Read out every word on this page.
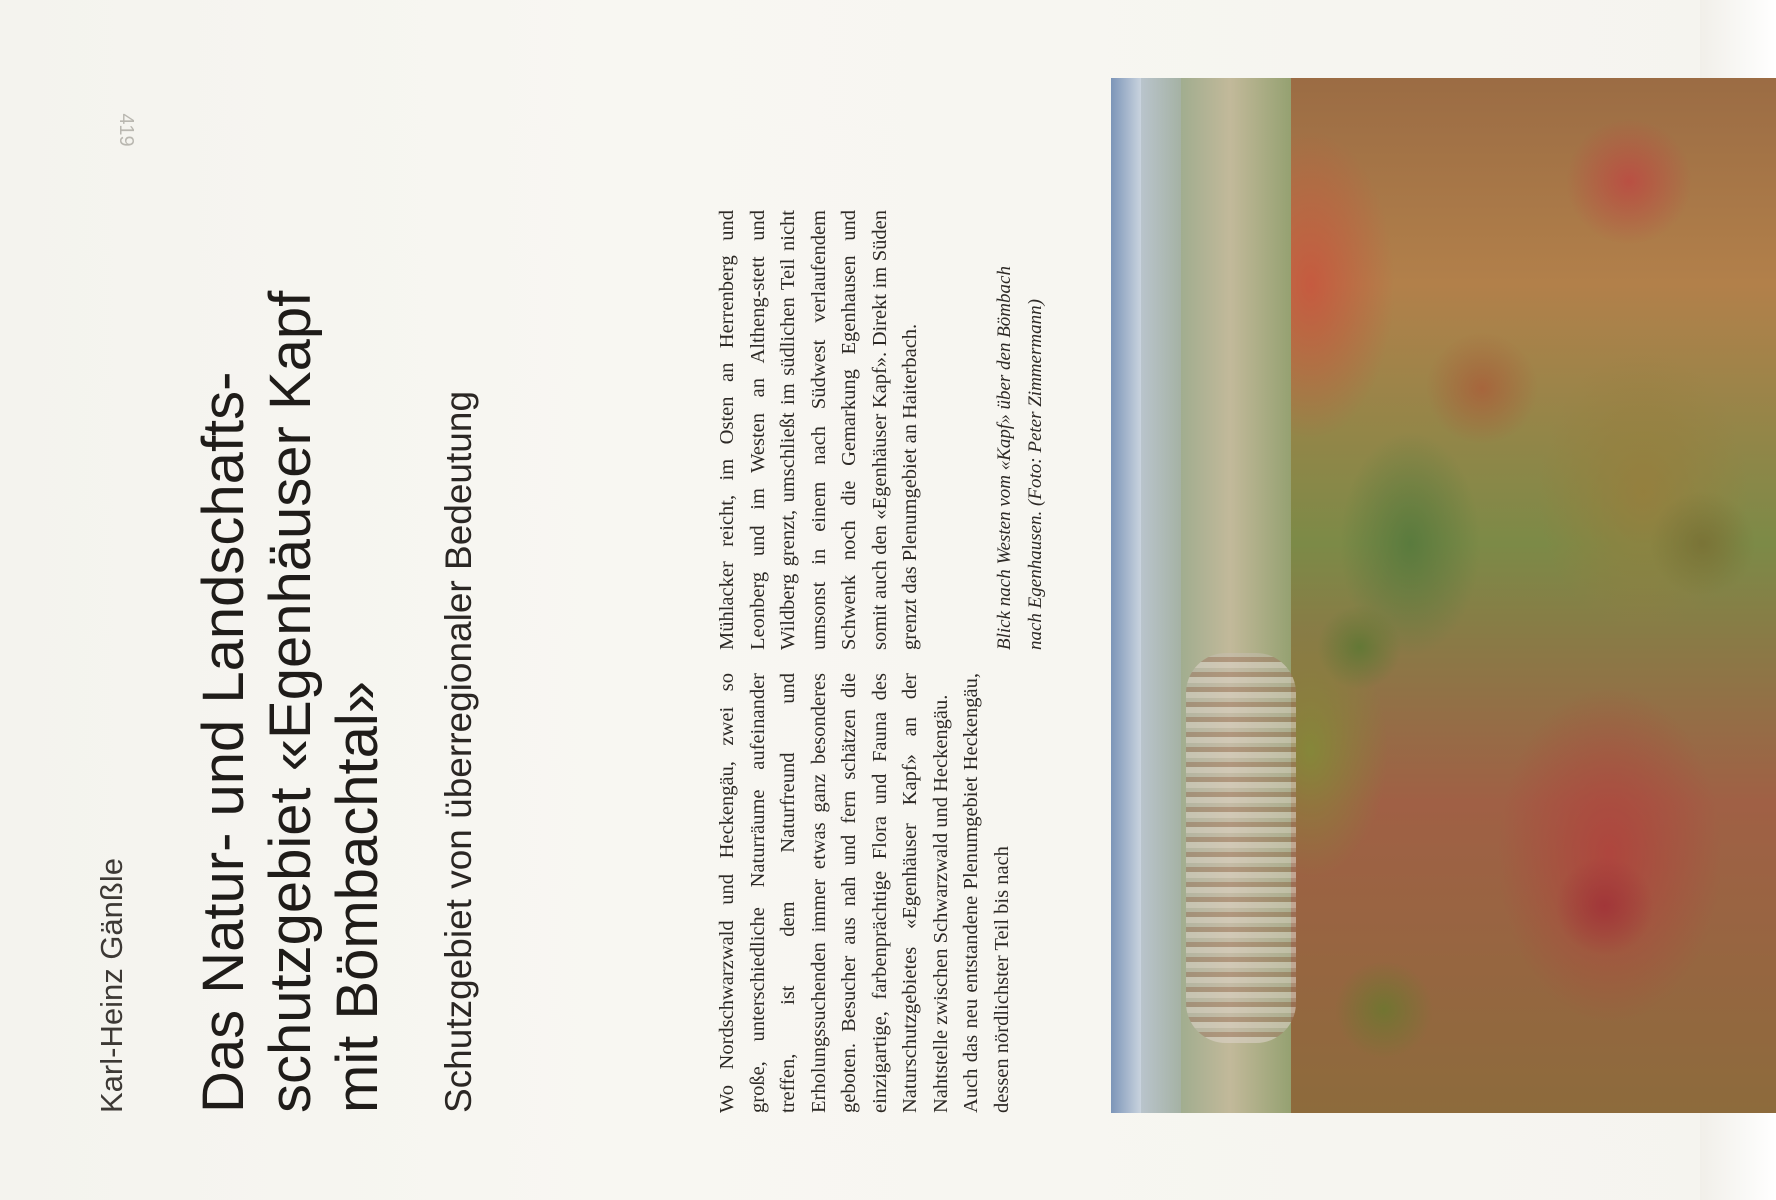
419
Karl-Heinz Gänßle Das Natur- und Landschafts- schutzgebiet «Egenhäuser Kapf mit Bömbachtal» Schutzgebiet von überregionaler Bedeutung	Wo Nordschwarzwald und Heckengäu, zwei so große, unterschiedliche Naturräume aufeinander treffen, ist dem Naturfreund und Erholungssuchenden immer etwas ganz besonderes geboten. Besucher aus nah und fern schätzen die einzigartige, farbenprächtige Flora und Fauna des Naturschutzgebietes «Egenhäuser Kapf» an der Nahtstelle zwischen Schwarzwald und Heckengäu. Auch das neu entstandene Plenumgebiet Heckengäu, dessen nördlichster Teil bis nach

Mühlacker reicht, im Osten an Herrenberg und Leonberg und im Westen an Altheng-stett und Wildberg grenzt, umschließt im südlichen Teil nicht umsonst in einem nach Südwest verlaufendem Schwenk noch die Gemarkung Egenhausen und somit auch den «Egenhäuser Kapf». Direkt im Süden grenzt das Plenumgebiet an Haiterbach.	Blick nach Westen vom «Kapf» über den Bömbach nach Egenhausen. (Foto: Peter Zimmermann)
